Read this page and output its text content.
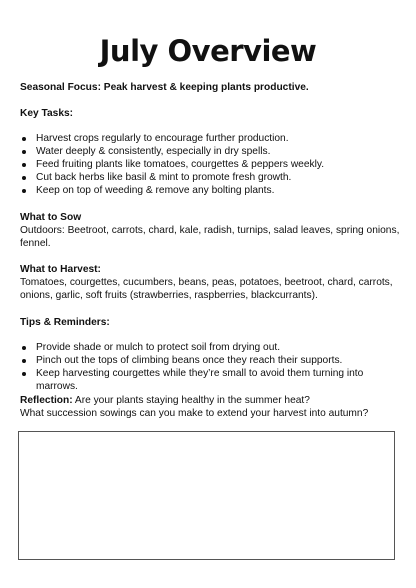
July Overview
Seasonal Focus: Peak harvest & keeping plants productive.
Key Tasks:
Harvest crops regularly to encourage further production.
Water deeply & consistently, especially in dry spells.
Feed fruiting plants like tomatoes, courgettes & peppers weekly.
Cut back herbs like basil & mint to promote fresh growth.
Keep on top of weeding & remove any bolting plants.
What to Sow
Outdoors: Beetroot, carrots, chard, kale, radish, turnips, salad leaves, spring onions, fennel.
What to Harvest:
Tomatoes, courgettes, cucumbers, beans, peas, potatoes, beetroot, chard, carrots, onions, garlic, soft fruits (strawberries, raspberries, blackcurrants).
Tips & Reminders:
Provide shade or mulch to protect soil from drying out.
Pinch out the tops of climbing beans once they reach their supports.
Keep harvesting courgettes while they’re small to avoid them turning into marrows.
Reflection: Are your plants staying healthy in the summer heat?
What succession sowings can you make to extend your harvest into autumn?
